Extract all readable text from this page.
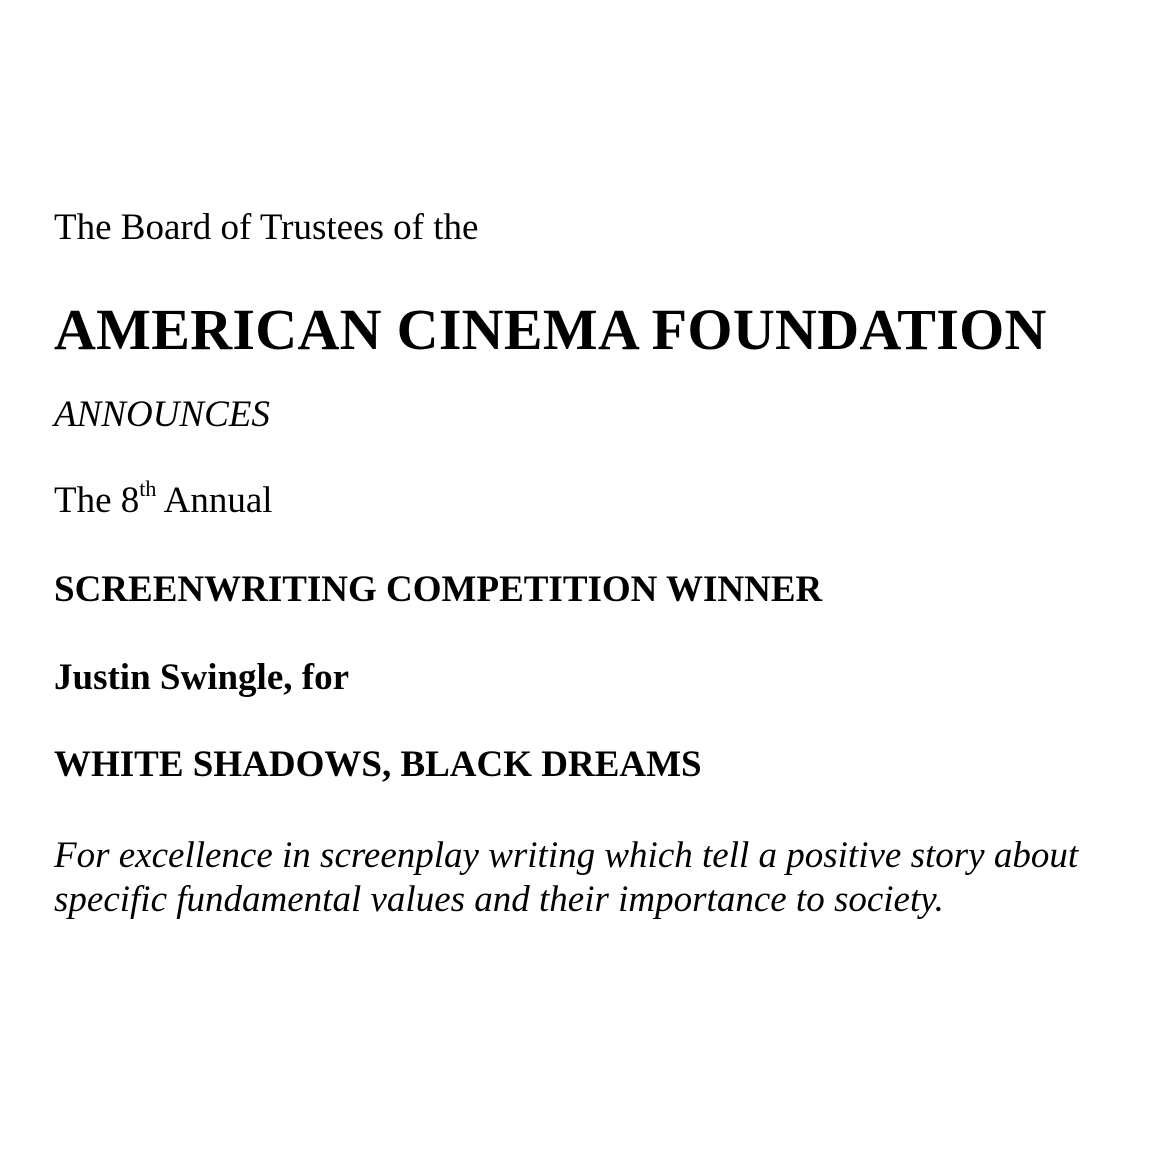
The Board of Trustees of the

AMERICAN CINEMA FOUNDATION

ANNOUNCES

The 8th Annual

SCREENWRITING COMPETITION WINNER

Justin Swingle, for

WHITE SHADOWS, BLACK DREAMS

For excellence in screenplay writing which tell a positive story about
specific fundamental values and their importance to society.
